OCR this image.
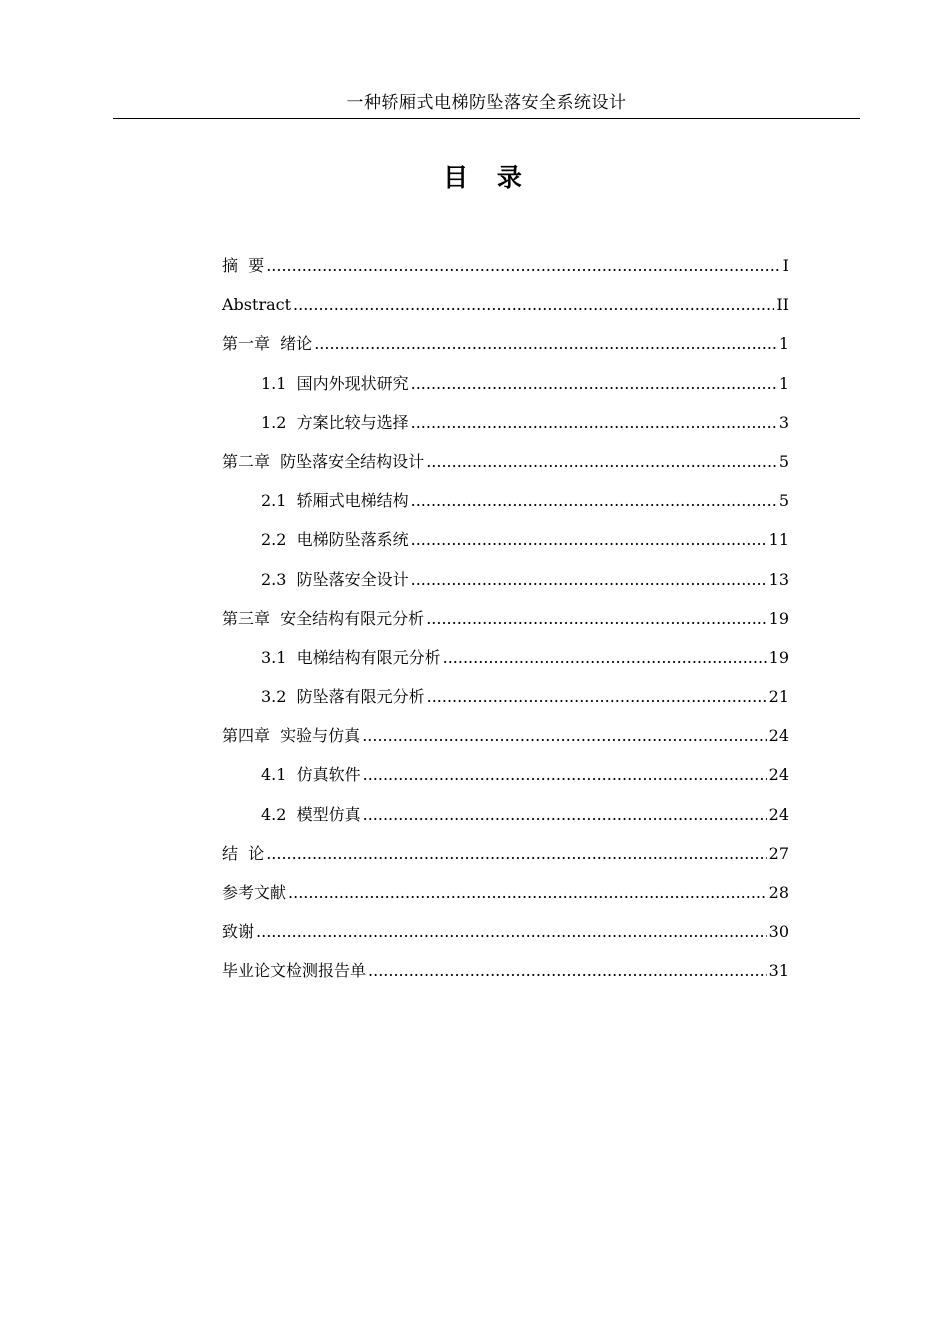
一种轿厢式电梯防坠落安全系统设计
目 录
摘  要 .....	I
Abstract .....	II
第一章  绪论 .....	1
1.1  国内外现状研究 .....	1
1.2  方案比较与选择 .....	3
第二章  防坠落安全结构设计 .....	5
2.1  轿厢式电梯结构 .....	5
2.2  电梯防坠落系统 .....	11
2.3  防坠落安全设计 .....	13
第三章  安全结构有限元分析 .....	19
3.1  电梯结构有限元分析 .....	19
3.2  防坠落有限元分析 .....	21
第四章  实验与仿真 .....	24
4.1  仿真软件 .....	24
4.2  模型仿真 .....	24
结  论 .....	27
参考文献 .....	28
致谢 .....	30
毕业论文检测报告单 .....	31
